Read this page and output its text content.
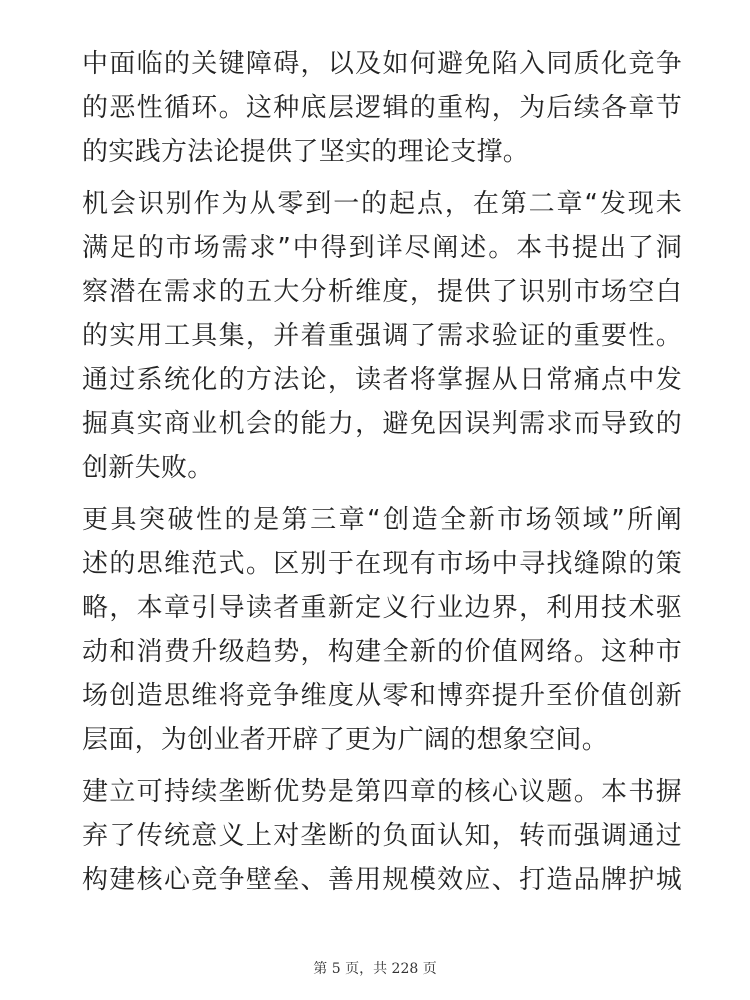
中面临的关键障碍，以及如何避免陷入同质化竞争
的恶性循环。这种底层逻辑的重构，为后续各章节
的实践方法论提供了坚实的理论支撑。
机会识别作为从零到一的起点，在第二章“发现未
满足的市场需求”中得到详尽阐述。本书提出了洞
察潜在需求的五大分析维度，提供了识别市场空白
的实用工具集，并着重强调了需求验证的重要性。
通过系统化的方法论，读者将掌握从日常痛点中发
掘真实商业机会的能力，避免因误判需求而导致的
创新失败。
更具突破性的是第三章“创造全新市场领域”所阐
述的思维范式。区别于在现有市场中寻找缝隙的策
略，本章引导读者重新定义行业边界，利用技术驱
动和消费升级趋势，构建全新的价值网络。这种市
场创造思维将竞争维度从零和博弈提升至价值创新
层面，为创业者开辟了更为广阔的想象空间。
建立可持续垄断优势是第四章的核心议题。本书摒
弃了传统意义上对垄断的负面认知，转而强调通过
构建核心竞争壁垒、善用规模效应、打造品牌护城
第 5 页，共 228 页
